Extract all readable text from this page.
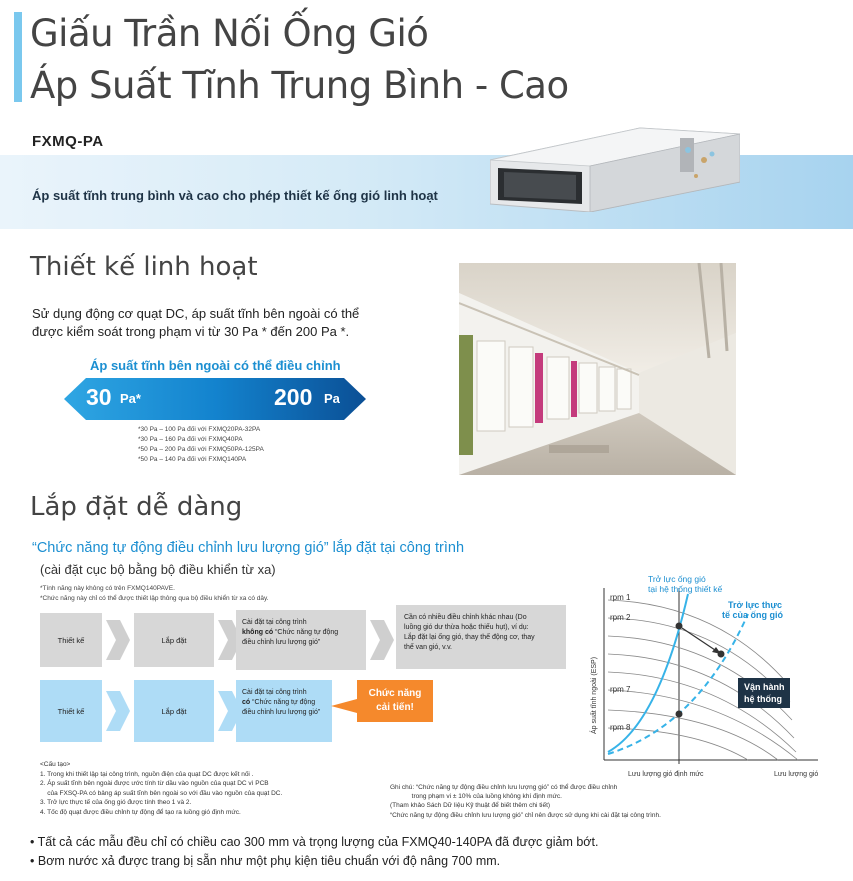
Giấu Trần Nối Ống Gió
Áp Suất Tĩnh Trung Bình - Cao
FXMQ-PA
Áp suất tĩnh trung bình và cao cho phép thiết kế ống gió linh hoạt
Thiết kế linh hoạt
Sử dụng động cơ quạt DC, áp suất tĩnh bên ngoài có thể
được kiểm soát trong phạm vi từ 30 Pa * đến 200 Pa *.
Áp suất tĩnh bên ngoài có thể điều chỉnh
30 Pa*	200 Pa
*30 Pa – 100 Pa đối với FXMQ20PA-32PA
*30 Pa – 160 Pa đối với FXMQ40PA
*50 Pa – 200 Pa đối với FXMQ50PA-125PA
*50 Pa – 140 Pa đối với FXMQ140PA
Lắp đặt dễ dàng
“Chức năng tự động điều chỉnh lưu lượng gió” lắp đặt tại công trình
(cài đặt cục bộ bằng bộ điều khiển từ xa)
*Tính năng này không có trên FXMQ140PAVE.
*Chức năng này chỉ có thể được thiết lập thông qua bộ điều khiển từ xa có dây.
Thiết kế	Lắp đặt
Cài đặt tại công trình
không có “Chức năng tự động
điều chỉnh lưu lượng gió”
Cần có nhiều điều chỉnh khác nhau (Do
luồng gió dư thừa hoặc thiếu hụt), ví dụ:
Lắp đặt lại ống gió, thay thế động cơ, thay
thế van gió, v.v.
Thiết kế	Lắp đặt
Cài đặt tại công trình
có “Chức năng tự động
điều chỉnh lưu lượng gió”
Chức năng
cải tiến!
<Cấu tạo>
1. Trong khi thiết lập tại công trình, nguồn điện của quạt DC được kết nối .
2. Áp suất tĩnh bên ngoài được ước tính từ dầu vào nguồn của quạt DC vì PCB
của FXSQ-PA có bảng áp suất tĩnh bên ngoài so với đầu vào nguồn của quạt DC.
3. Trở lực thực tế của ống gió được tính theo 1 và 2.
4. Tốc độ quạt được điều chỉnh tự động để tạo ra luồng gió định mức.
Ghi chú: “Chức năng tự động điều chỉnh lưu lượng gió” có thể được điều chỉnh
trong phạm vi ± 10% của luồng không khí định mức.
(Tham khảo Sách Dữ liệu Kỹ thuật để biết thêm chi tiết)
“Chức năng tự động điều chỉnh lưu lượng gió” chỉ nên được sử dụng khi cài đặt tại công trình.
Trở lực ống gió
tại hệ thống thiết kế
Trở lực thực
tế của ống gió
rpm 1
rpm 2
rpm 7
rpm 8
Áp suất tĩnh ngoài (ESP)
Lưu lượng gió định mức	Lưu lượng gió
Vận hành
hệ thống
• Tất cả các mẫu đều chỉ có chiều cao 300 mm và trọng lượng của FXMQ40-140PA đã được giảm bớt.
• Bơm nước xả được trang bị sẵn như một phụ kiện tiêu chuẩn với độ nâng 700 mm.
